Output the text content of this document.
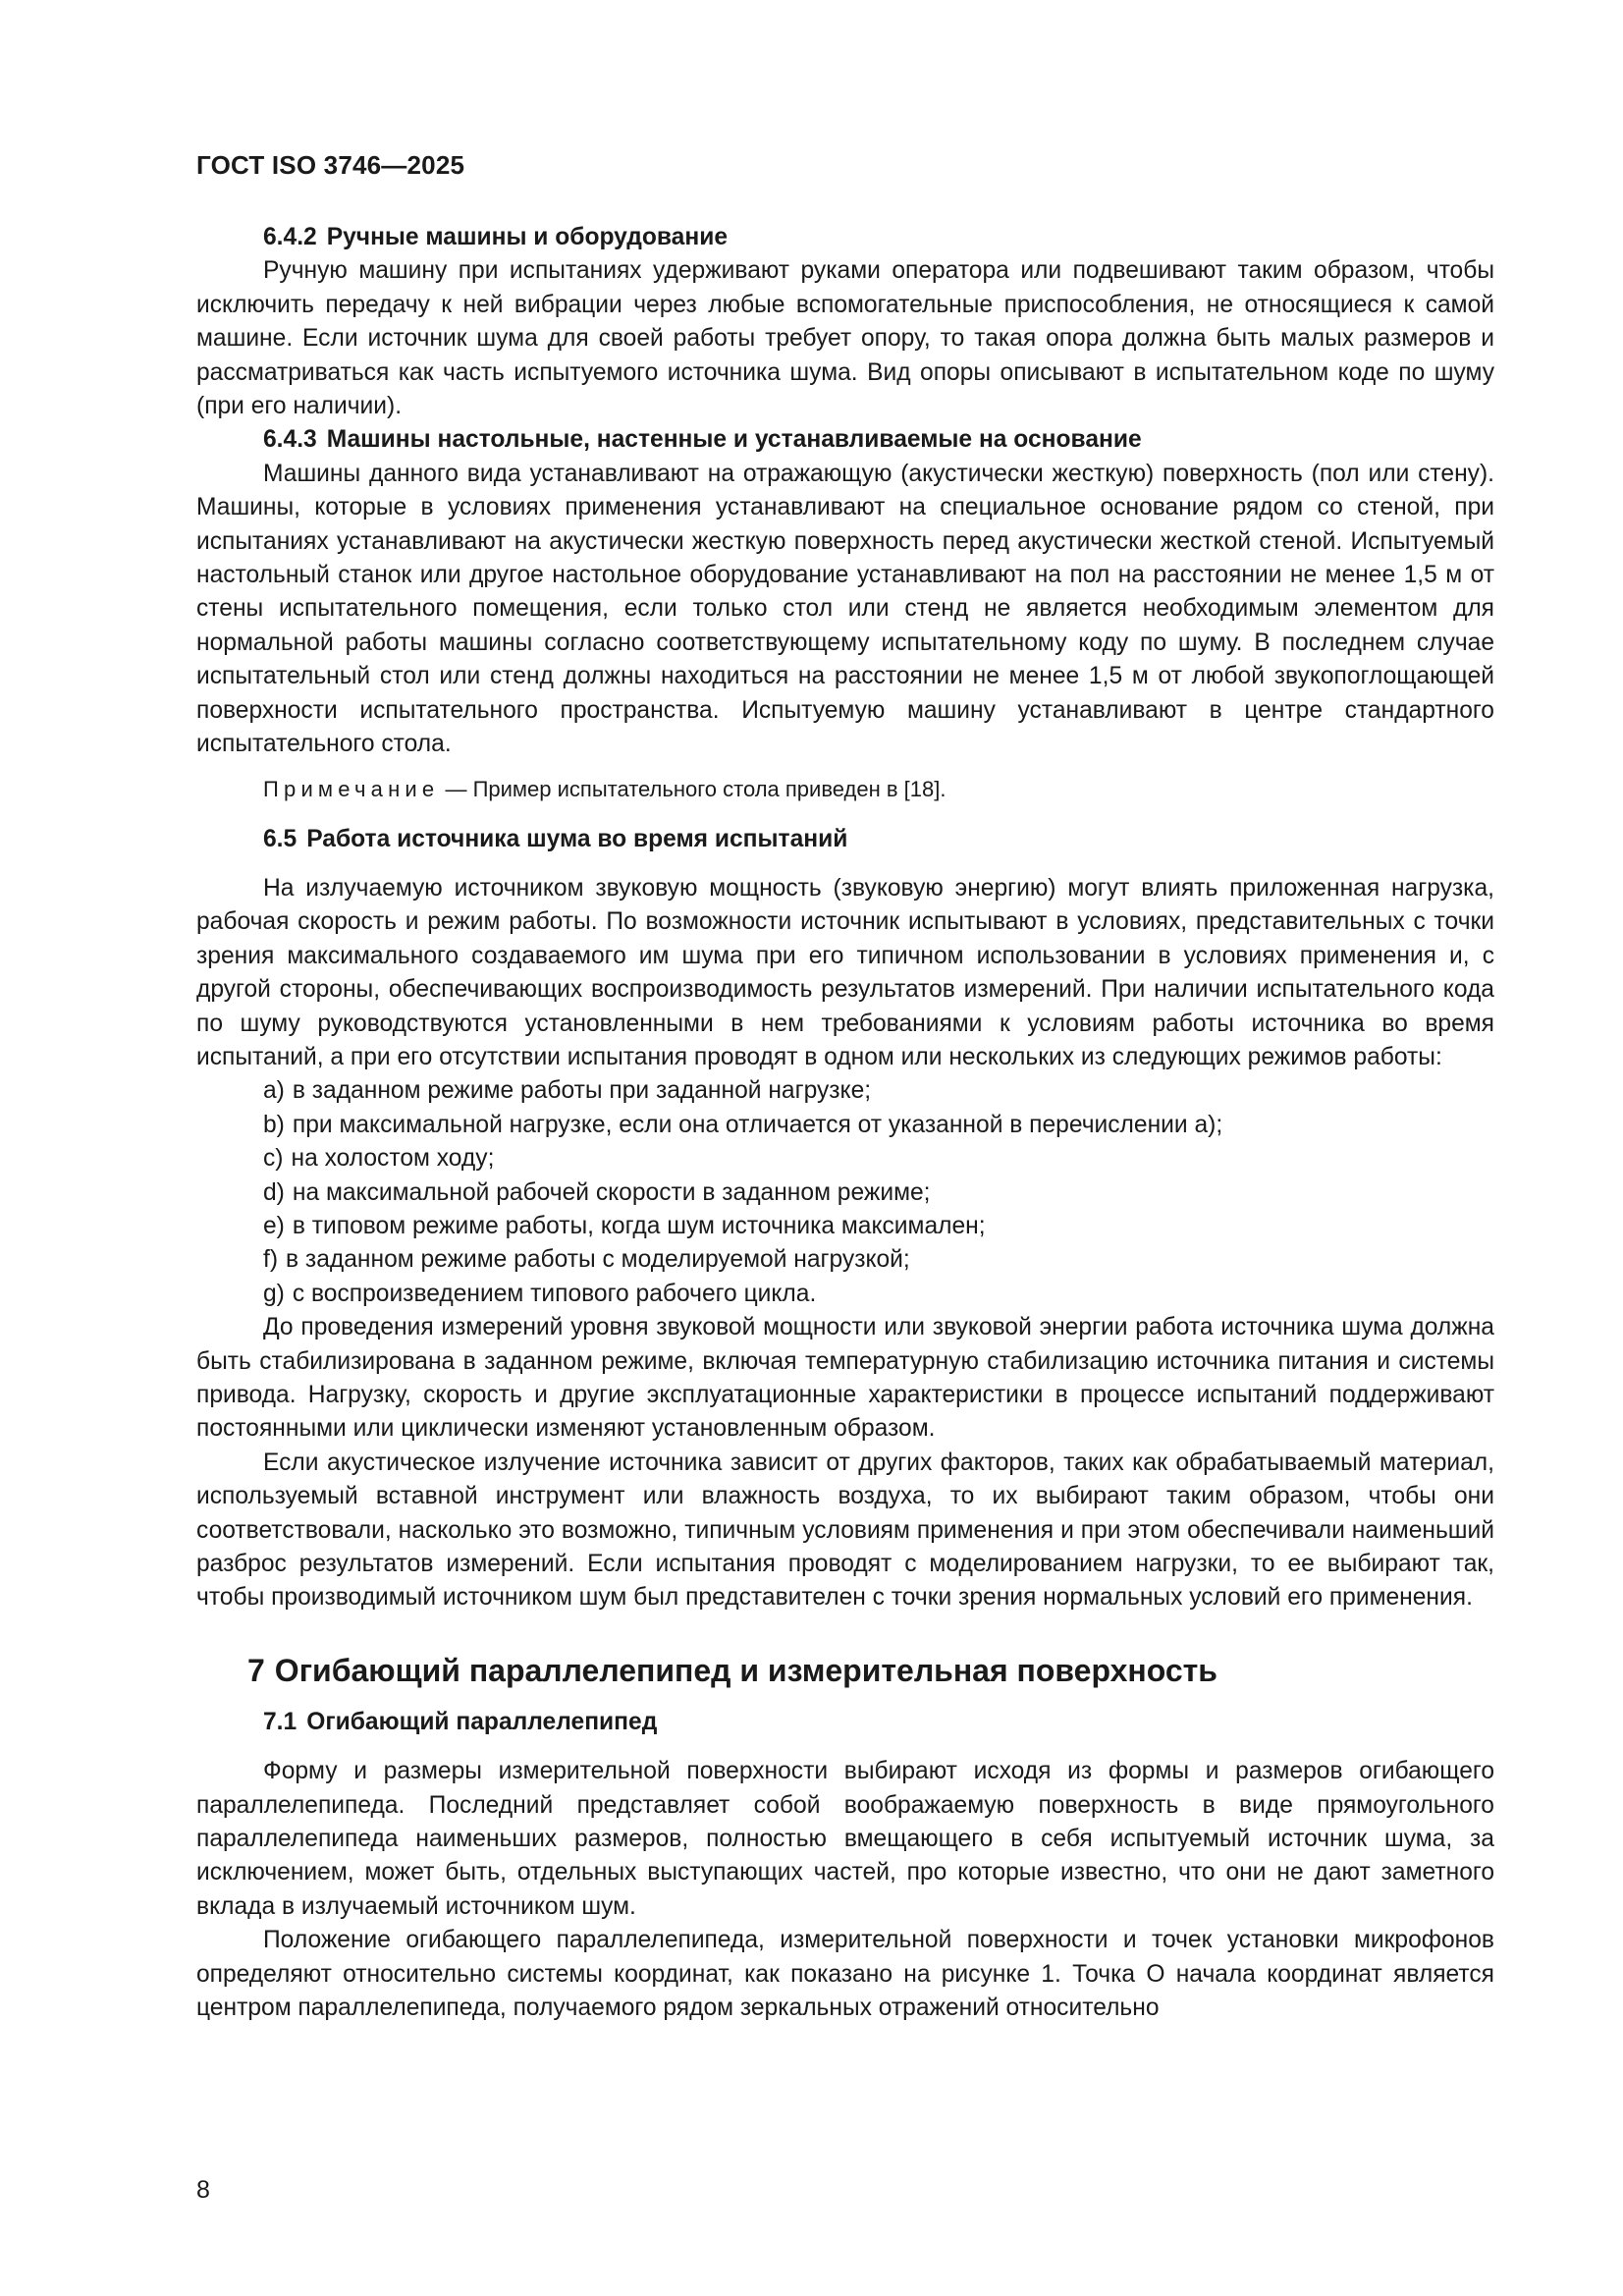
ГОСТ ISO 3746—2025
6.4.2 Ручные машины и оборудование

Ручную машину при испытаниях удерживают руками оператора или подвешивают таким образом, чтобы исключить передачу к ней вибрации через любые вспомогательные приспособления, не относящиеся к самой машине. Если источник шума для своей работы требует опору, то такая опора должна быть малых размеров и рассматриваться как часть испытуемого источника шума. Вид опоры описывают в испытательном коде по шуму (при его наличии).

6.4.3 Машины настольные, настенные и устанавливаемые на основание

Машины данного вида устанавливают на отражающую (акустически жесткую) поверхность (пол или стену). Машины, которые в условиях применения устанавливают на специальное основание рядом со стеной, при испытаниях устанавливают на акустически жесткую поверхность перед акустически жесткой стеной. Испытуемый настольный станок или другое настольное оборудование устанавливают на пол на расстоянии не менее 1,5 м от стены испытательного помещения, если только стол или стенд не является необходимым элементом для нормальной работы машины согласно соответствующему испытательному коду по шуму. В последнем случае испытательный стол или стенд должны находиться на расстоянии не менее 1,5 м от любой звукопоглощающей поверхности испытательного пространства. Испытуемую машину устанавливают в центре стандартного испытательного стола.

Примечание — Пример испытательного стола приведен в [18].
6.5 Работа источника шума во время испытаний

На излучаемую источником звуковую мощность (звуковую энергию) могут влиять приложенная нагрузка, рабочая скорость и режим работы. По возможности источник испытывают в условиях, представительных с точки зрения максимального создаваемого им шума при его типичном использовании в условиях применения и, с другой стороны, обеспечивающих воспроизводимость результатов измерений. При наличии испытательного кода по шуму руководствуются установленными в нем требованиями к условиям работы источника во время испытаний, а при его отсутствии испытания проводят в одном или нескольких из следующих режимов работы:

a) в заданном режиме работы при заданной нагрузке;
b) при максимальной нагрузке, если она отличается от указанной в перечислении а);
c) на холостом ходу;
d) на максимальной рабочей скорости в заданном режиме;
e) в типовом режиме работы, когда шум источника максимален;
f) в заданном режиме работы с моделируемой нагрузкой;
g) с воспроизведением типового рабочего цикла.

До проведения измерений уровня звуковой мощности или звуковой энергии работа источника шума должна быть стабилизирована в заданном режиме, включая температурную стабилизацию источника питания и системы привода. Нагрузку, скорость и другие эксплуатационные характеристики в процессе испытаний поддерживают постоянными или циклически изменяют установленным образом.

Если акустическое излучение источника зависит от других факторов, таких как обрабатываемый материал, используемый вставной инструмент или влажность воздуха, то их выбирают таким образом, чтобы они соответствовали, насколько это возможно, типичным условиям применения и при этом обеспечивали наименьший разброс результатов измерений. Если испытания проводят с моделированием нагрузки, то ее выбирают так, чтобы производимый источником шум был представителен с точки зрения нормальных условий его применения.

7 Огибающий параллелепипед и измерительная поверхность
7.1 Огибающий параллелепипед

Форму и размеры измерительной поверхности выбирают исходя из формы и размеров огибающего параллелепипеда. Последний представляет собой воображаемую поверхность в виде прямоугольного параллелепипеда наименьших размеров, полностью вмещающего в себя испытуемый источник шума, за исключением, может быть, отдельных выступающих частей, про которые известно, что они не дают заметного вклада в излучаемый источником шум.

Положение огибающего параллелепипеда, измерительной поверхности и точек установки микрофонов определяют относительно системы координат, как показано на рисунке 1. Точка O начала координат является центром параллелепипеда, получаемого рядом зеркальных отражений относительно

8
